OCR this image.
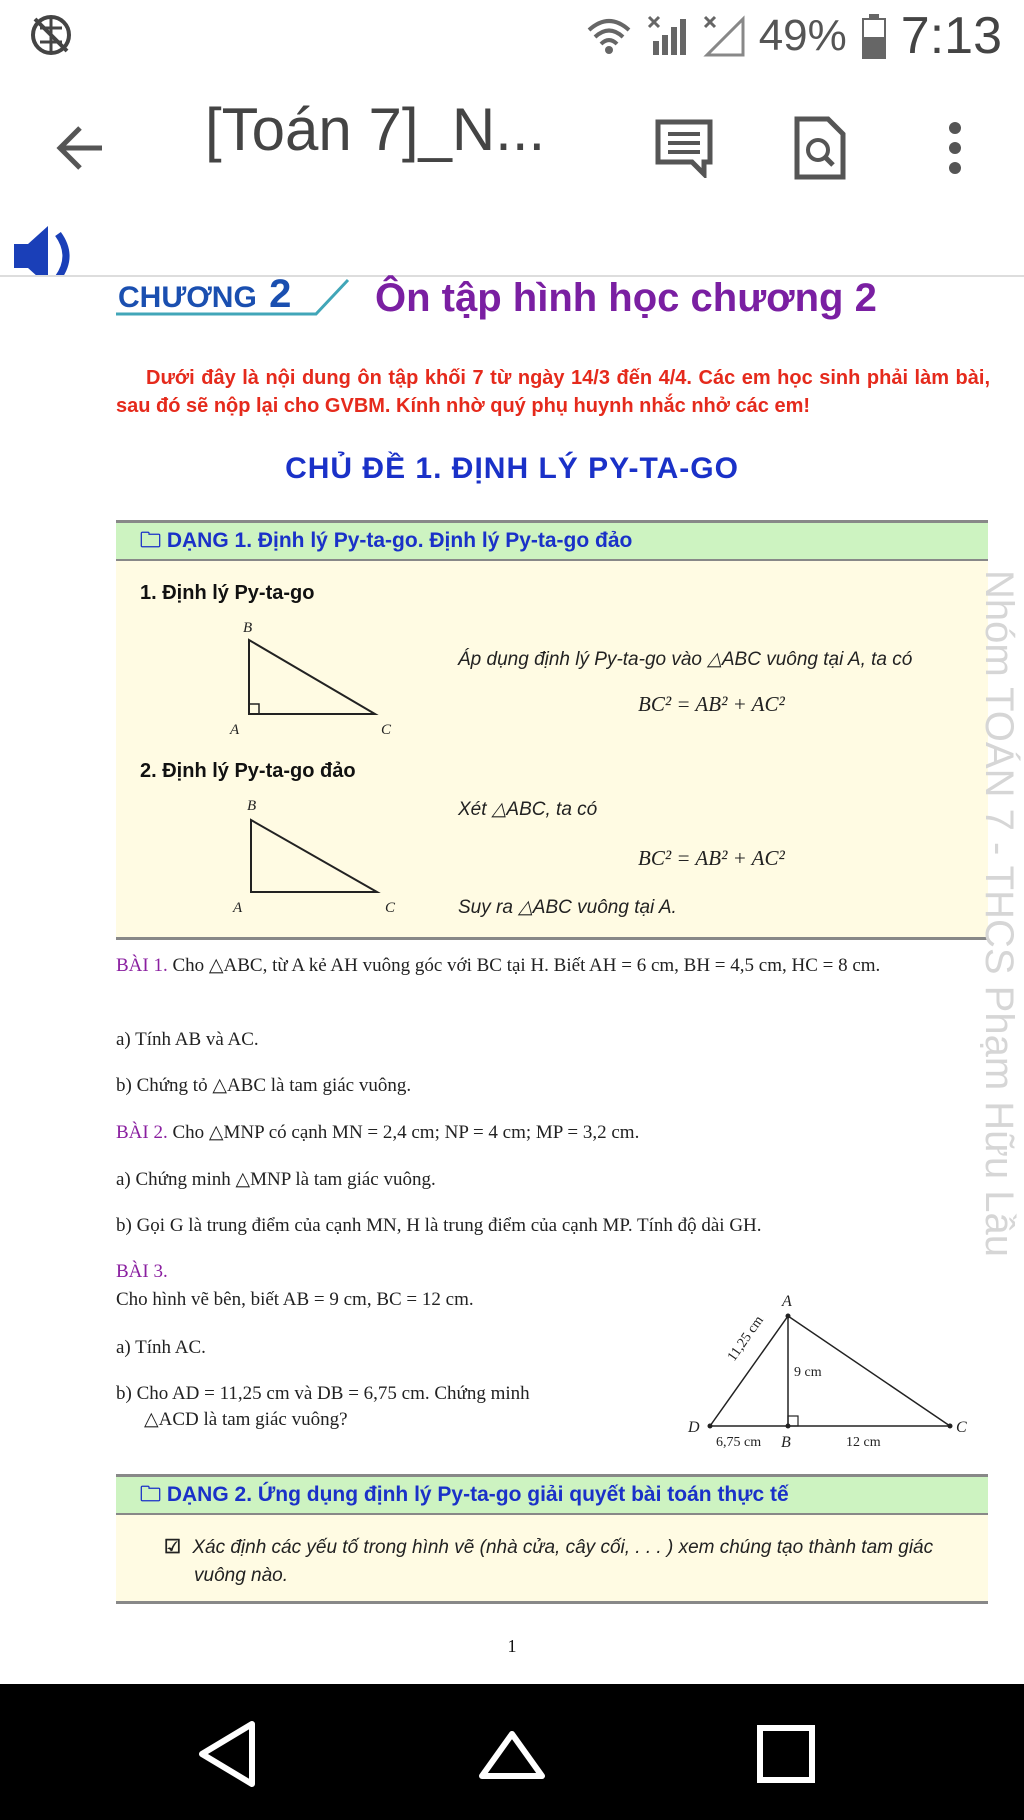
49% 7:13
[Toán 7]_N...
CHƯƠNG 2 Ôn tập hình học chương 2
Dưới đây là nội dung ôn tập khối 7 từ ngày 14/3 đến 4/4. Các em học sinh phải làm bài, sau đó sẽ nộp lại cho GVBM. Kính nhờ quý phụ huynh nhắc nhở các em!
CHỦ ĐỀ 1. ĐỊNH LÝ PY-TA-GO
🗀 DẠNG 1. Định lý Py-ta-go. Định lý Py-ta-go đảo
1. Định lý Py-ta-go
B
A	C
Áp dụng định lý Py-ta-go vào △ABC vuông tại A, ta có
BC² = AB² + AC²
2. Định lý Py-ta-go đảo
B
A	C
Xét △ABC, ta có
BC² = AB² + AC²
Suy ra △ABC vuông tại A.
BÀI 1. Cho △ABC, từ A kẻ AH vuông góc với BC tại H. Biết AH = 6 cm, BH = 4,5 cm, HC = 8 cm.
a) Tính AB và AC.
b) Chứng tỏ △ABC là tam giác vuông.
BÀI 2. Cho △MNP có cạnh MN = 2,4 cm; NP = 4 cm; MP = 3,2 cm.
a) Chứng minh △MNP là tam giác vuông.
b) Gọi G là trung điểm của cạnh MN, H là trung điểm của cạnh MP. Tính độ dài GH.
BÀI 3.
Cho hình vẽ bên, biết AB = 9 cm, BC = 12 cm.
a) Tính AC.
b) Cho AD = 11,25 cm và DB = 6,75 cm. Chứng minh
△ACD là tam giác vuông?
A
D	C
B
11,25 cm
9 cm
6,75 cm	12 cm
🗀 DẠNG 2. Ứng dụng định lý Py-ta-go giải quyết bài toán thực tế
☑ Xác định các yếu tố trong hình vẽ (nhà cửa, cây cối, . . . ) xem chúng tạo thành tam giác
vuông nào.
Nhóm TOÁN 7 - THCS Phạm Hữu Lầu
1
